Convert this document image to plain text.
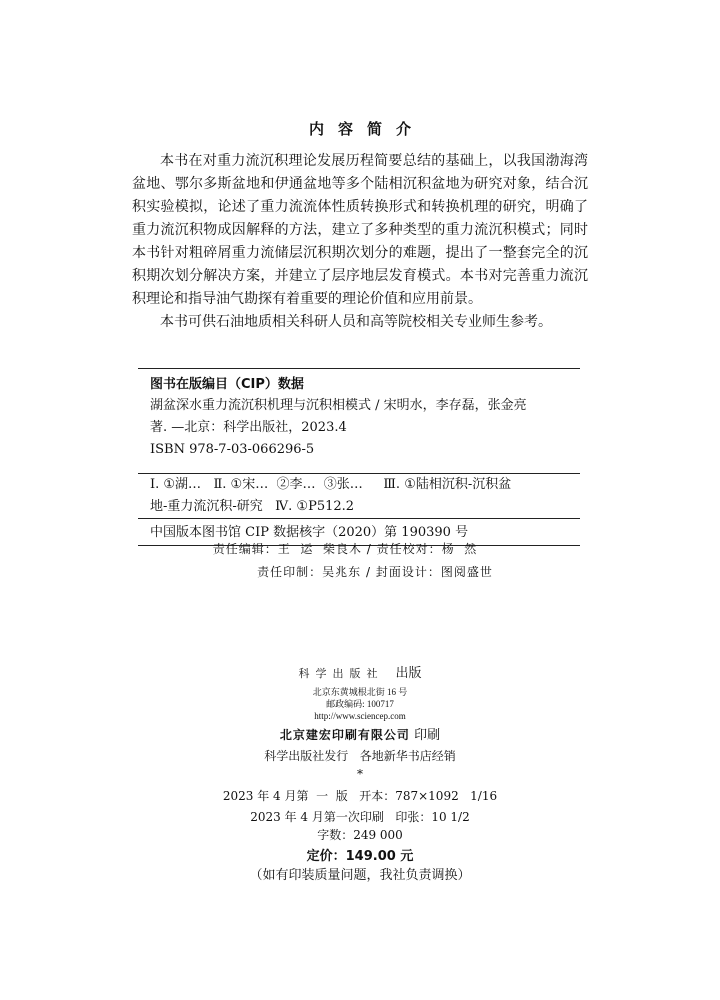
内容简介

本书在对重力流沉积理论发展历程简要总结的基础上，以我国渤海湾盆地、鄂尔多斯盆地和伊通盆地等多个陆相沉积盆地为研究对象，结合沉积实验模拟，论述了重力流流体性质转换形式和转换机理的研究，明确了重力流沉积物成因解释的方法，建立了多种类型的重力流沉积模式；同时本书针对粗碎屑重力流储层沉积期次划分的难题，提出了一整套完全的沉积期次划分解决方案，并建立了层序地层发育模式。本书对完善重力流沉积理论和指导油气勘探有着重要的理论价值和应用前景。

本书可供石油地质相关科研人员和高等院校相关专业师生参考。

图书在版编目（CIP）数据
湖盆深水重力流沉积机理与沉积相模式 / 宋明水，李存磊，张金亮
著. —北京：科学出版社，2023.4
ISBN 978-7-03-066296-5
Ⅰ. ①湖…   Ⅱ. ①宋…  ②李…  ③张…     Ⅲ. ①陆相沉积-沉积盆
地-重力流沉积-研究   Ⅳ. ①P512.2
中国版本图书馆 CIP 数据核字（2020）第 190390 号
责任编辑：王  运  柴良木 / 责任校对：杨  然
责任印制：吴兆东 / 封面设计：图阅盛世
科学出版社 出版
北京东黄城根北街 16 号
邮政编码: 100717
http://www.sciencep.com
北京建宏印刷有限公司 印刷
科学出版社发行   各地新华书店经销
*
2023 年 4 月第  一  版   开本：787×1092   1/16
2023 年 4 月第一次印刷   印张：10 1/2
字数：249 000
定价：149.00 元
（如有印装质量问题，我社负责调换）
